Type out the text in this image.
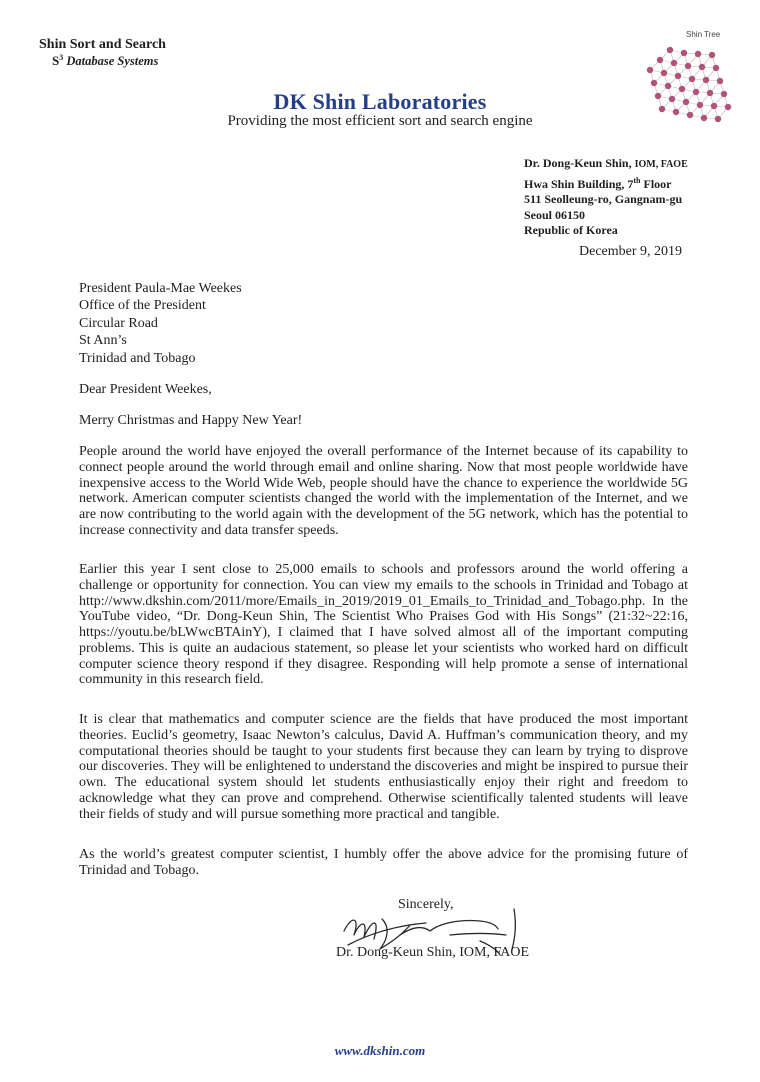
Shin Sort and Search
$S^3$ Database Systems
DK Shin Laboratories
Providing the most efficient sort and search engine
Shin Tree
Dr. Dong-Keun Shin, IOM, FAOE
Hwa Shin Building, 7th Floor
511 Seolleung-ro, Gangnam-gu
Seoul 06150
Republic of Korea
December 9, 2019
President Paula-Mae Weekes
Office of the President
Circular Road
St Ann’s
Trinidad and Tobago
Dear President Weekes,
Merry Christmas and Happy New Year!
People around the world have enjoyed the overall performance of the Internet because of its capability to connect people around the world through email and online sharing. Now that most people worldwide have inexpensive access to the World Wide Web, people should have the chance to experience the worldwide 5G network. American computer scientists changed the world with the implementation of the Internet, and we are now contributing to the world again with the development of the 5G network, which has the potential to increase connectivity and data transfer speeds.
Earlier this year I sent close to 25,000 emails to schools and professors around the world offering a challenge or opportunity for connection. You can view my emails to the schools in Trinidad and Tobago at http://www.dkshin.com/2011/more/Emails_in_2019/2019_01_Emails_to_Trinidad_and_Tobago.php. In the YouTube video, “Dr. Dong-Keun Shin, The Scientist Who Praises God with His Songs” (21:32~22:16, https://youtu.be/bLWwcBTAinY), I claimed that I have solved almost all of the important computing problems. This is quite an audacious statement, so please let your scientists who worked hard on difficult computer science theory respond if they disagree. Responding will help promote a sense of international community in this research field.
It is clear that mathematics and computer science are the fields that have produced the most important theories. Euclid’s geometry, Isaac Newton’s calculus, David A. Huffman’s communication theory, and my computational theories should be taught to your students first because they can learn by trying to disprove our discoveries. They will be enlightened to understand the discoveries and might be inspired to pursue their own. The educational system should let students enthusiastically enjoy their right and freedom to acknowledge what they can prove and comprehend. Otherwise scientifically talented students will leave their fields of study and will pursue something more practical and tangible.
As the world’s greatest computer scientist, I humbly offer the above advice for the promising future of Trinidad and Tobago.
Sincerely,
Dr. Dong-Keun Shin, IOM, FAOE
www.dkshin.com
